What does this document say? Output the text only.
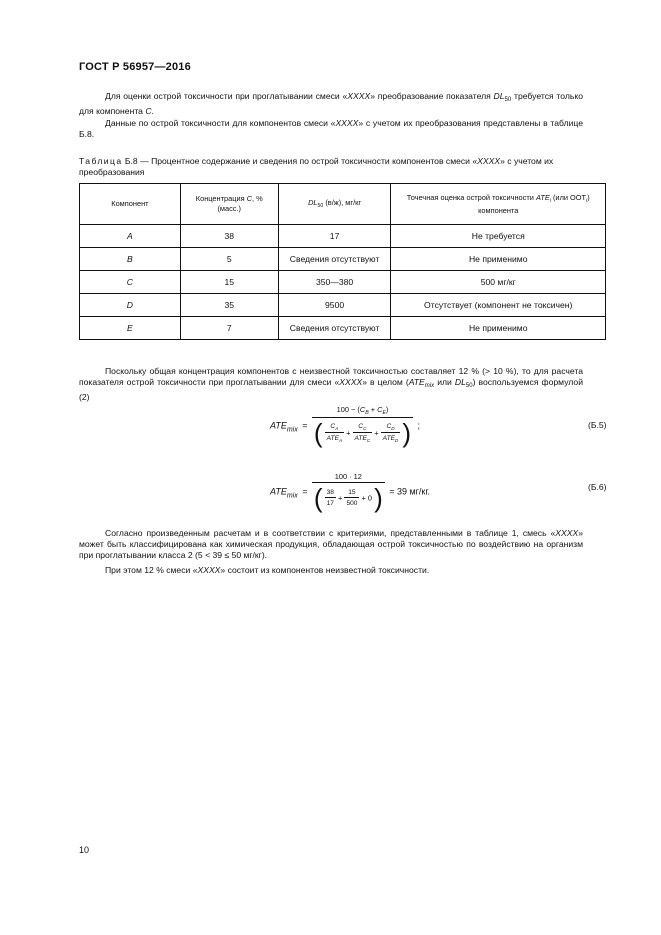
ГОСТ Р 56957—2016
Для оценки острой токсичности при проглатывании смеси «ХХХХ» преобразование показателя $DL_{50}$ требуется только для компонента С.
Данные по острой токсичности для компонентов смеси «ХХХХ» с учетом их преобразования представлены в таблице Б.8.
Таблица Б.8 — Процентное содержание и сведения по острой токсичности компонентов смеси «ХХХХ» с учетом их преобразования
Компонент	Концентрация С, % (масс.)	$DL_{50}$ (в/ж), мг/кг	Точечная оценка острой токсичности $ATE_i$ (или $ООТ_i$) компонента
А	38	17	Не требуется
В	5	Сведения отсутствуют	Не применимо
С	15	350—380	500 мг/кг
D	35	9500	Отсутствует (компонент не токсичен)
Е	7	Сведения отсутствуют	Не применимо
Поскольку общая концентрация компонентов с неизвестной токсичностью составляет 12 % (> 10 %), то для расчета показателя острой токсичности при проглатывании для смеси «ХХХХ» в целом ($ATE_{mix}$ или $DL_{50}$) воспользуемся формулой (2)
$ATE_{mix}$ =
$100 - (C_B + C_E)$
( $\frac{C_A}{ATE_A} + \frac{C_C}{ATE_C} + \frac{C_D}{ATE_D}$ ) ;	(Б.5)
$ATE_{mix} = \frac{100 \cdot 12}{( \frac{38}{17} + \frac{15}{500} + 0 )} = 39$ мг/кг.	(Б.6)
Согласно произведенным расчетам и в соответствии с критериями, представленными в таблице 1, смесь «ХХХХ» может быть классифицирована как химическая продукция, обладающая острой токсичностью по воздействию на организм при проглатывании класса 2 (5 < 39 ≤ 50 мг/кг).
При этом 12 % смеси «ХХХХ» состоит из компонентов неизвестной токсичности.
10
